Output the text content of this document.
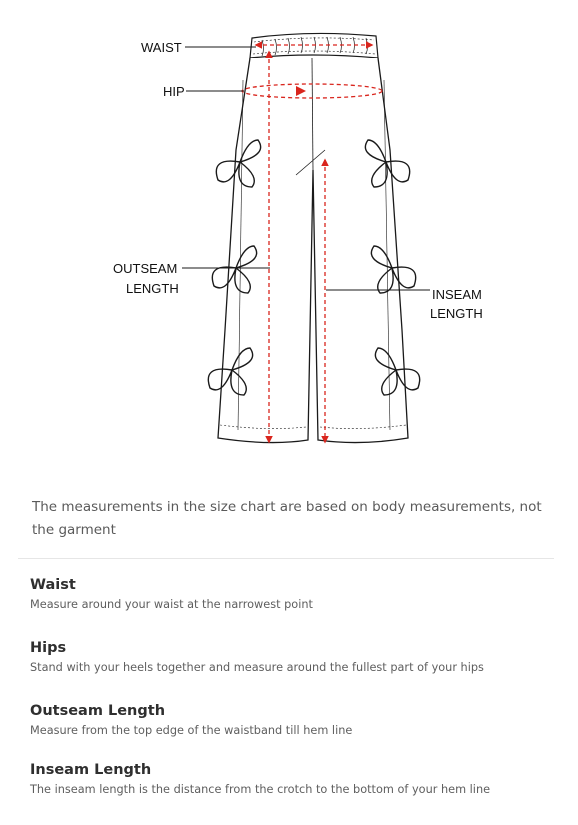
WAIST
HIP
OUTSEAM
LENGTH	INSEAM
LENGTH

The measurements in the size chart are based on body measurements, not the garment

Waist

Measure around your waist at the narrowest point

Hips

Stand with your heels together and measure around the fullest part of your hips

Outseam Length

Measure from the top edge of the waistband till hem line

Inseam Length

The inseam length is the distance from the crotch to the bottom of your hem line
